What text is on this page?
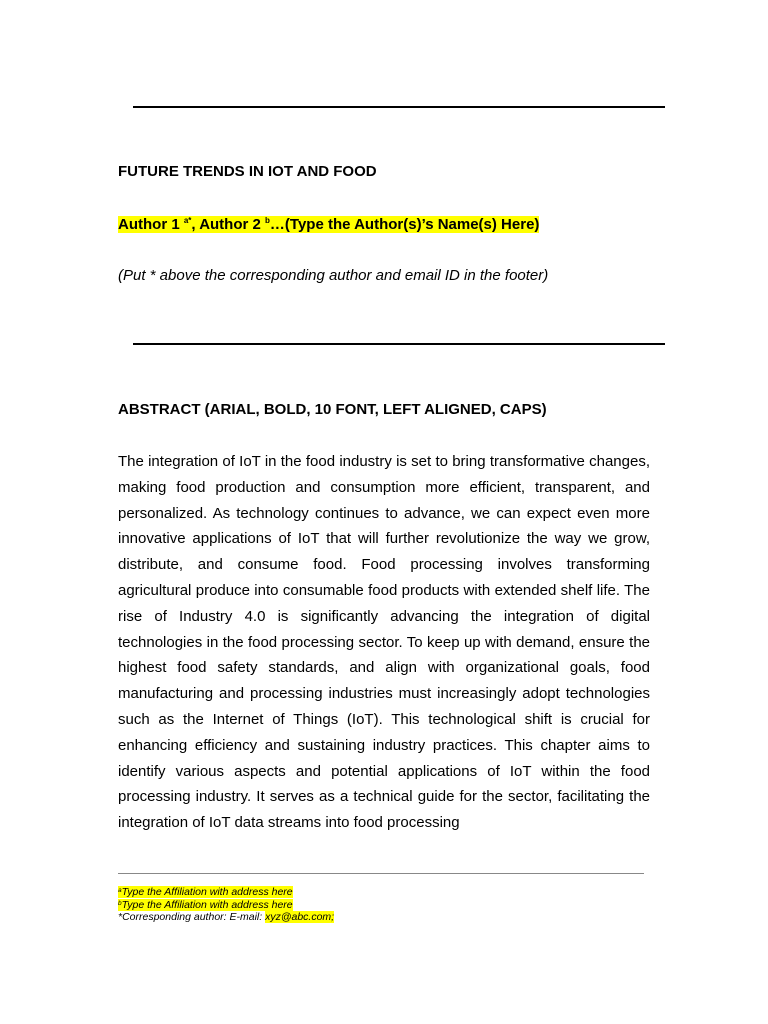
FUTURE TRENDS IN IOT AND FOOD

Author 1 $^{a*}$, Author 2 $^b$…(Type the Author(s)’s Name(s) Here)

(Put * above the corresponding author and email ID in the footer)

ABSTRACT (ARIAL, BOLD, 10 FONT, LEFT ALIGNED, CAPS)

The integration of IoT in the food industry is set to bring transformative changes, making food production and consumption more efficient, transparent, and personalized. As technology continues to advance, we can expect even more innovative applications of IoT that will further revolutionize the way we grow, distribute, and consume food. Food processing involves transforming agricultural produce into consumable food products with extended shelf life. The rise of Industry 4.0 is significantly advancing the integration of digital technologies in the food processing sector. To keep up with demand, ensure the highest food safety standards, and align with organizational goals, food manufacturing and processing industries must increasingly adopt technologies such as the Internet of Things (IoT). This technological shift is crucial for enhancing efficiency and sustaining industry practices. This chapter aims to identify various aspects and potential applications of IoT within the food processing industry. It serves as a technical guide for the sector, facilitating the integration of IoT data streams into food processing

$^a$Type the Affiliation with address here
$^b$Type the Affiliation with address here
*Corresponding author: E-mail: xyz@abc.com;
